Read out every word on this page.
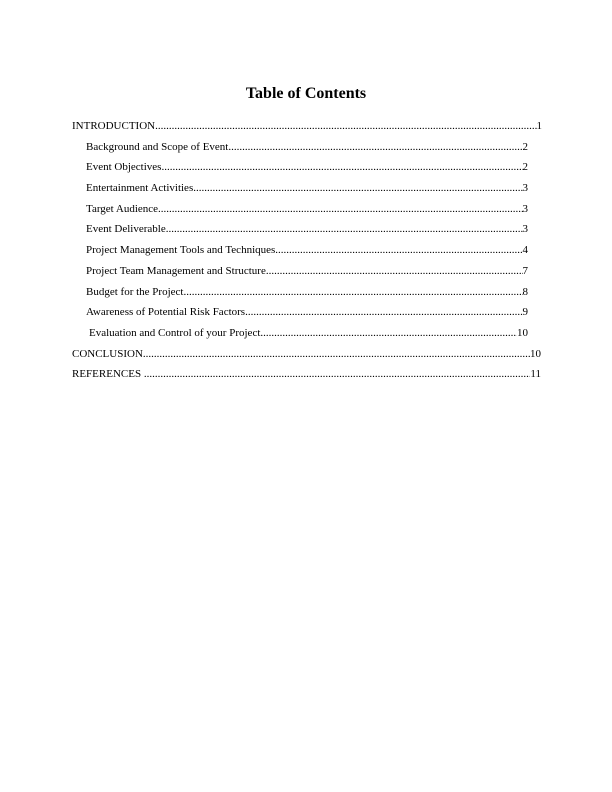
Table of Contents
INTRODUCTION .....	1
Background and Scope of Event .....	2
Event Objectives .....	2
Entertainment Activities .....	3
Target Audience .....	3
Event Deliverable .....	3
Project Management Tools and Techniques .....	4
Project Team Management and Structure .....	7
Budget for the Project .....	8
Awareness of Potential Risk Factors .....	9
Evaluation and Control of your Project .....	10
CONCLUSION .....	10
REFERENCES .....	11
